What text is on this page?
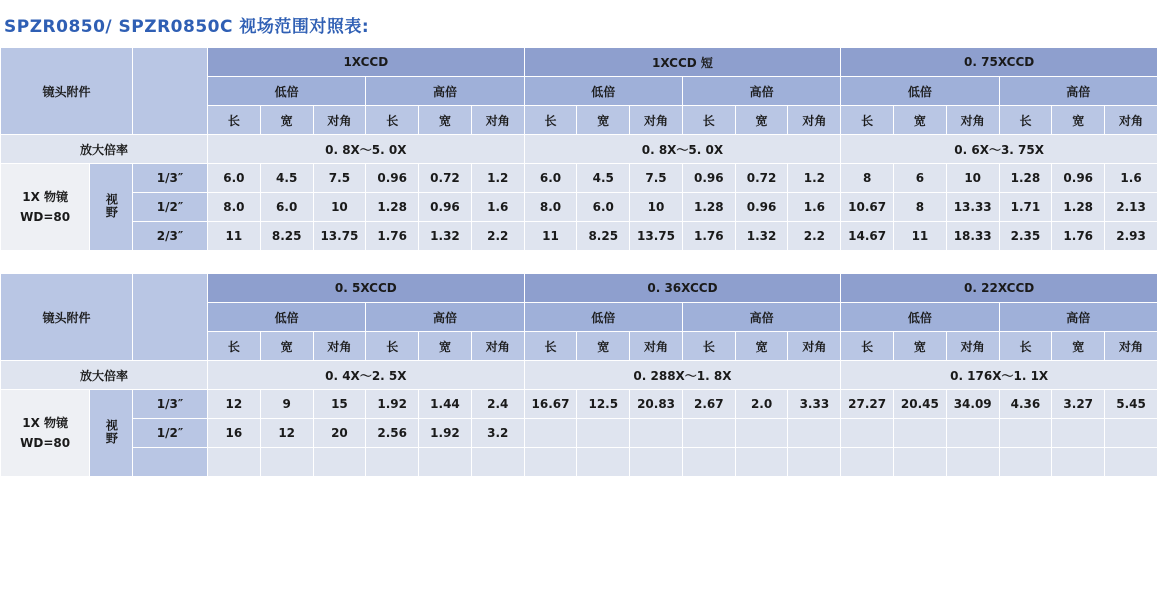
SPZR0850/ SPZR0850C 视场范围对照表:
镜头附件			1XCCD						1XCCD 短						0. 75XCCD					
			低倍			高倍			低倍			高倍			低倍			高倍		
			长	宽	对角	长	宽	对角	长	宽	对角	长	宽	对角	长	宽	对角	长	宽	对角
放大倍率			0. 8X～5. 0X						0. 8X～5. 0X						0. 6X～3. 75X					
1X 物镜
WD=80	视野	1/3″	6.0	4.5	7.5	0.96	0.72	1.2	6.0	4.5	7.5	0.96	0.72	1.2	8	6	10	1.28	0.96	1.6
		1/2″	8.0	6.0	10	1.28	0.96	1.6	8.0	6.0	10	1.28	0.96	1.6	10.67	8	13.33	1.71	1.28	2.13
		2/3″	11	8.25	13.75	1.76	1.32	2.2	11	8.25	13.75	1.76	1.32	2.2	14.67	11	18.33	2.35	1.76	2.93
镜头附件			0. 5XCCD						0. 36XCCD						0. 22XCCD					
			低倍			高倍			低倍			高倍			低倍			高倍		
			长	宽	对角	长	宽	对角	长	宽	对角	长	宽	对角	长	宽	对角	长	宽	对角
放大倍率			0. 4X～2. 5X						0. 288X～1. 8X						0. 176X～1. 1X					
1X 物镜
WD=80	视野	1/3″	12	9	15	1.92	1.44	2.4	16.67	12.5	20.83	2.67	2.0	3.33	27.27	20.45	34.09	4.36	3.27	5.45
		1/2″	16	12	20	2.56	1.92	3.2												
